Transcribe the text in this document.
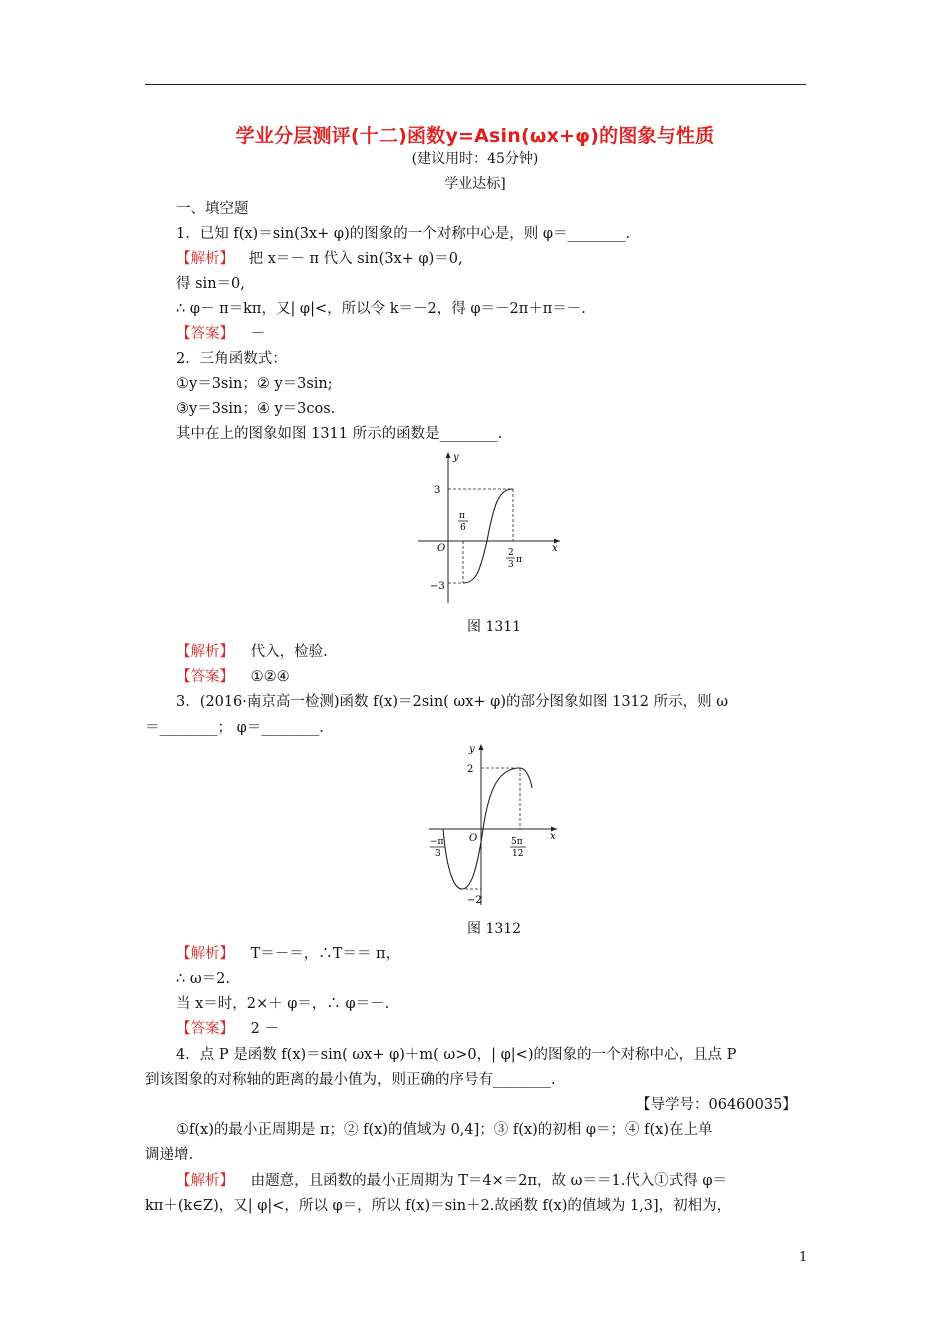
学业分层测评(十二)函数y=Asin(ωx+φ)的图象与性质
(建议用时：45分钟)
学业达标]
一、填空题
1．已知 f(x)＝sin(3x+ φ)的图象的一个对称中心是，则 φ＝________.
【解析】 把 x＝－ π 代入 sin(3x+ φ)＝0,
得 sin＝0,
∴ φ－ π＝kπ，又| φ|<，所以令 k＝－2，得 φ＝－2π＋π＝－.
【答案】 －
2．三角函数式：
①y＝3sin；② y＝3sin;
③y＝3sin；④ y＝3cos.
其中在上的图象如图 1311 所示的函数是________.
y
x
O
3
−3
π
6
2
3 π
图 1311
【解析】 代入，检验.
【答案】 ①②④
3．(2016·南京高一检测)函数 f(x)＝2sin( ωx+ φ)的部分图象如图 1312 所示，则 ω
＝________； φ＝________.
y
x
O
2
−2
−π
3
5π
12
图 1312
【解析】 T＝－＝，∴T＝＝ π，
∴ ω＝2.
当 x＝时，2×＋ φ＝，∴ φ＝－.
【答案】 2 －
4．点 P 是函数 f(x)＝sin( ωx+ φ)＋m( ω>0，| φ|<)的图象的一个对称中心，且点 P
到该图象的对称轴的距离的最小值为，则正确的序号有________.
【导学号：06460035】
①f(x)的最小正周期是 π；② f(x)的值域为 0,4]；③ f(x)的初相 φ＝；④ f(x)在上单
调递增.
【解析】 由题意，且函数的最小正周期为 T＝4×＝2π，故 ω＝＝1.代入①式得 φ＝
kπ＋(k∈Z)，又| φ|<，所以 φ＝，所以 f(x)＝sin＋2.故函数 f(x)的值域为 1,3]，初相为，
1
